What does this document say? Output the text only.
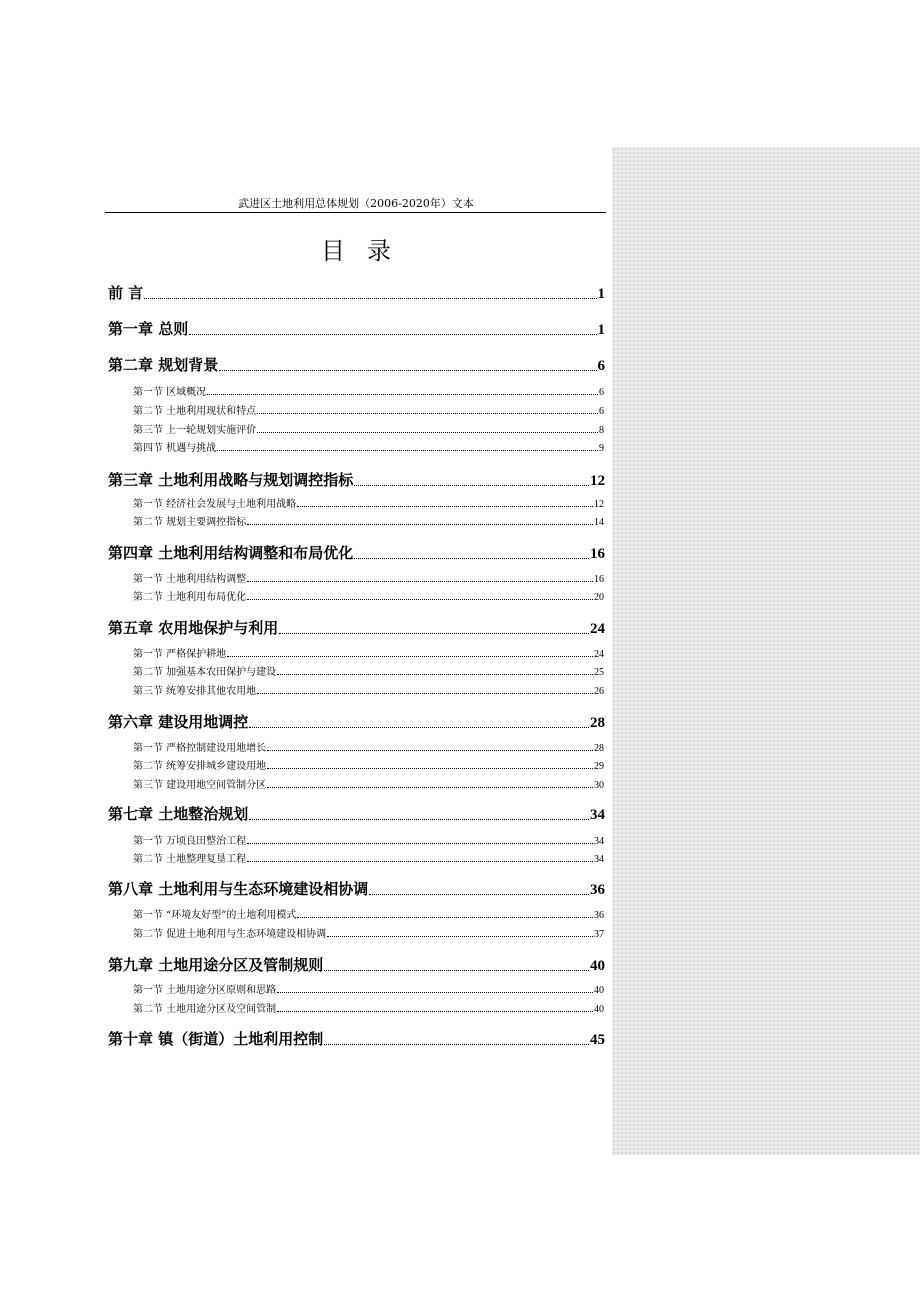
武进区土地利用总体规划（2006-2020年）文本
目录
前 言	1
第一章 总则	1
第二章 规划背景	6
第一节 区域概况	6
第二节 土地利用现状和特点	6
第三节 上一轮规划实施评价	8
第四节 机遇与挑战	9
第三章 土地利用战略与规划调控指标	12
第一节 经济社会发展与土地利用战略	12
第二节 规划主要调控指标	14
第四章 土地利用结构调整和布局优化	16
第一节 土地利用结构调整	16
第二节 土地利用布局优化	20
第五章 农用地保护与利用	24
第一节 严格保护耕地	24
第二节 加强基本农田保护与建设	25
第三节 统筹安排其他农用地	26
第六章 建设用地调控	28
第一节 严格控制建设用地增长	28
第二节 统筹安排城乡建设用地	29
第三节 建设用地空间管制分区	30
第七章 土地整治规划	34
第一节 万顷良田整治工程	34
第二节 土地整理复垦工程	34
第八章 土地利用与生态环境建设相协调	36
第一节 “环境友好型”的土地利用模式	36
第二节 促进土地利用与生态环境建设相协调	37
第九章 土地用途分区及管制规则	40
第一节 土地用途分区原则和思路	40
第二节 土地用途分区及空间管制	40
第十章 镇（街道）土地利用控制	45
